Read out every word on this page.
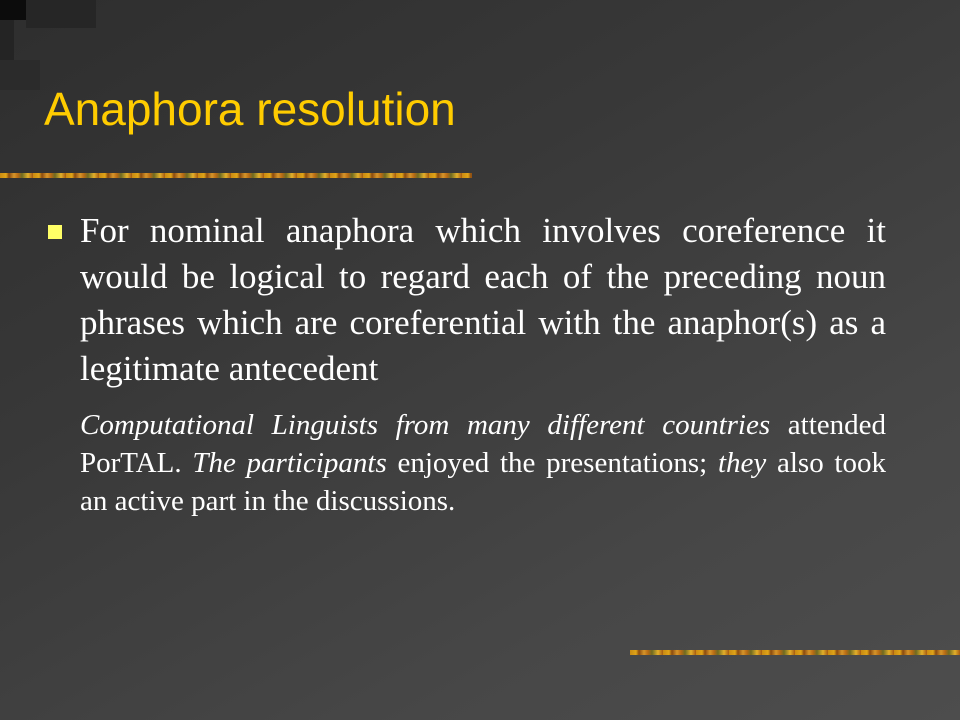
Anaphora resolution

For nominal anaphora which involves coreference it would be logical to regard each of the preceding noun phrases which are coreferential with the anaphor(s) as a legitimate antecedent

Computational Linguists from many different countries attended PorTAL. The participants enjoyed the presentations; they also took an active part in the discussions.
